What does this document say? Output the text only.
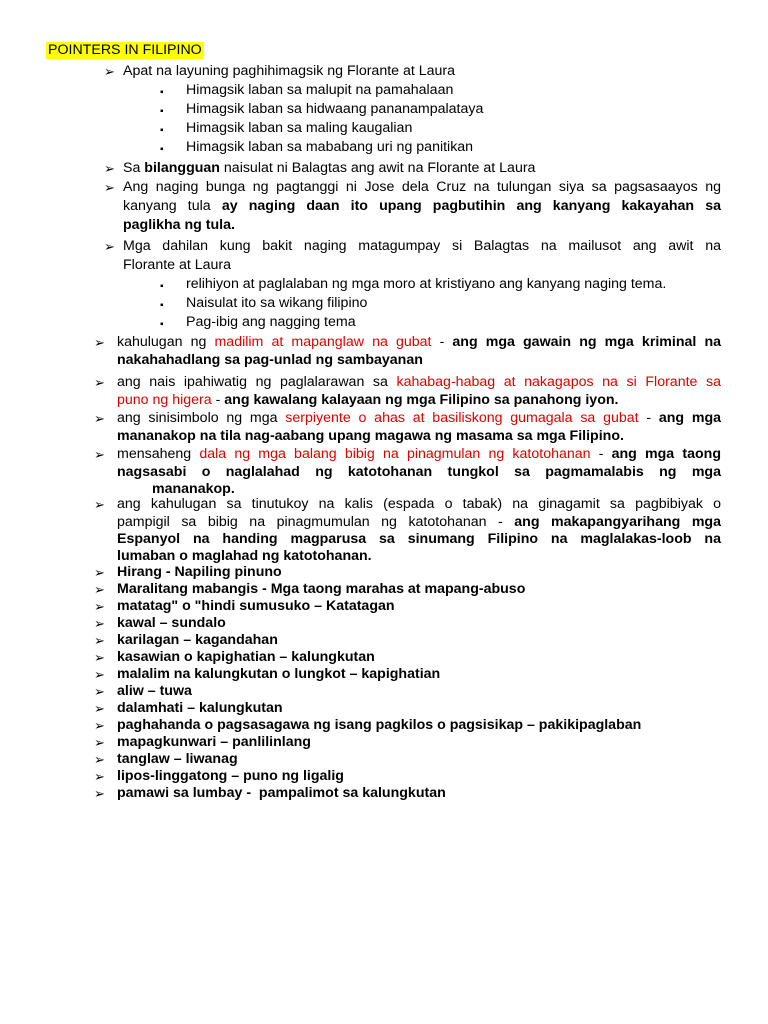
POINTERS IN FILIPINO
➢ Apat na layuning paghihimagsik ng Florante at Laura
▪ Himagsik laban sa malupit na pamahalaan
▪ Himagsik laban sa hidwaang pananampalataya
▪ Himagsik laban sa maling kaugalian
▪ Himagsik laban sa mababang uri ng panitikan
➢ Sa bilangguan naisulat ni Balagtas ang awit na Florante at Laura
➢ Ang naging bunga ng pagtanggi ni Jose dela Cruz na tulungan siya sa pagsasaayos ng
kanyang tula ay naging daan ito upang pagbutihin ang kanyang kakayahan sa
paglikha ng tula.
➢ Mga dahilan kung bakit naging matagumpay si Balagtas na mailusot ang awit na
Florante at Laura
▪ relihiyon at paglalaban ng mga moro at kristiyano ang kanyang naging tema.
▪ Naisulat ito sa wikang filipino
▪ Pag-ibig ang nagging tema
➢ kahulugan ng madilim at mapanglaw na gubat - ang mga gawain ng mga kriminal na
nakahahadlang sa pag-unlad ng sambayanan
➢ ang nais ipahiwatig ng paglalarawan sa kahabag-habag at nakagapos na si Florante sa
puno ng higera - ang kawalang kalayaan ng mga Filipino sa panahong iyon.
➢ ang sinisimbolo ng mga serpiyente o ahas at basiliskong gumagala sa gubat - ang mga
mananakop na tila nag-aabang upang magawa ng masama sa mga Filipino.
➢ mensaheng dala ng mga balang bibig na pinagmulan ng katotohanan - ang mga taong
nagsasabi o naglalahad ng katotohanan tungkol sa pagmamalabis ng mga
mananakop.
➢ ang kahulugan sa tinutukoy na kalis (espada o tabak) na ginagamit sa pagbibiyak o
pampigil sa bibig na pinagmumulan ng katotohanan - ang makapangyarihang mga
Espanyol na handing magparusa sa sinumang Filipino na maglalakas-loob na
lumaban o maglahad ng katotohanan.
➢ Hirang - Napiling pinuno
➢ Maralitang mabangis - Mga taong marahas at mapang-abuso
➢ matatag" o "hindi sumusuko – Katatagan
➢ kawal – sundalo
➢ karilagan – kagandahan
➢ kasawian o kapighatian – kalungkutan
➢ malalim na kalungkutan o lungkot – kapighatian
➢ aliw – tuwa
➢ dalamhati – kalungkutan
➢ paghahanda o pagsasagawa ng isang pagkilos o pagsisikap – pakikipaglaban
➢ mapagkunwari – panlilinlang
➢ tanglaw – liwanag
➢ lipos-linggatong – puno ng ligalig
➢ pamawi sa lumbay -  pampalimot sa kalungkutan
